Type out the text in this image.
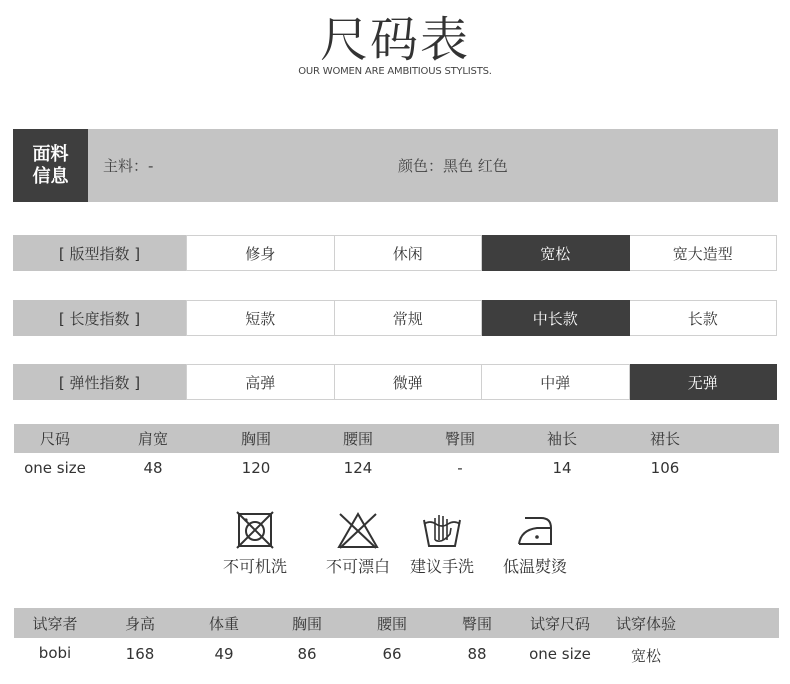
尺码表
OUR WOMEN ARE AMBITIOUS STYLISTS.
面料
信息 主料：-	颜色：黑色 红色
[ 版型指数 ]	修身	休闲	宽松	宽大造型
[ 长度指数 ]	短款	常规	中长款	长款
[ 弹性指数 ]	高弹	微弹	中弹	无弹
尺码	肩宽	胸围	腰围	臀围	袖长	裙长
one size	48	120	124	-	14	106
不可机洗	不可漂白	建议手洗	低温熨烫
试穿者	身高	体重	胸围	腰围	臀围	试穿尺码 试穿体验
bobi	168	49	86	66	88	one size	宽松
